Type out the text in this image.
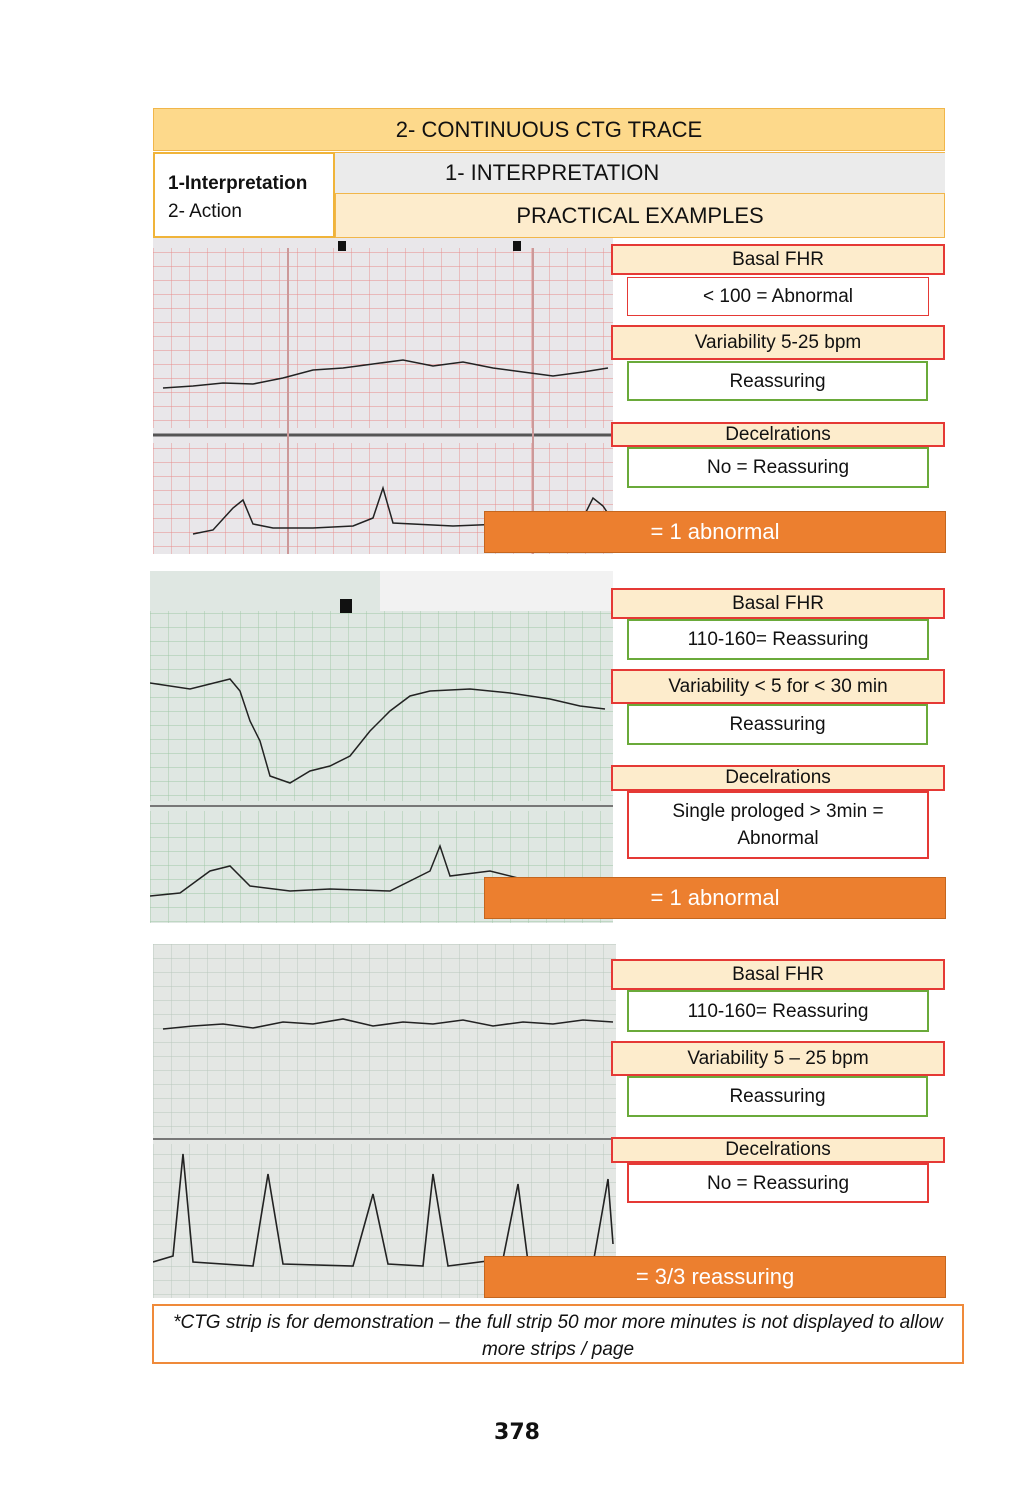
2- CONTINUOUS CTG TRACE
1-Interpretation
2- Action
1- INTERPRETATION
PRACTICAL EXAMPLES
Basal FHR
< 100 = Abnormal
Variability 5-25 bpm
Reassuring
Decelrations
No = Reassuring
= 1 abnormal
Basal FHR
110-160= Reassuring
Variability < 5 for < 30 min
Reassuring
Decelrations
Single prologed > 3min = Abnormal
= 1 abnormal
Basal FHR
110-160= Reassuring
Variability 5 – 25 bpm
Reassuring
Decelrations
No = Reassuring
= 3/3 reassuring
*CTG strip is for demonstration – the full strip 50 mor more minutes is not displayed to allow more strips / page
378
